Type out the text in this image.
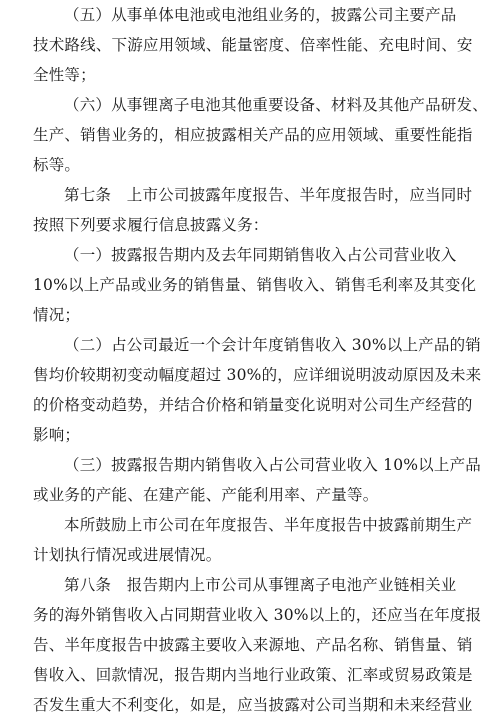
（五）从事单体电池或电池组业务的，披露公司主要产品
技术路线、下游应用领域、能量密度、倍率性能、充电时间、安
全性等；
（六）从事锂离子电池其他重要设备、材料及其他产品研发、
生产、销售业务的，相应披露相关产品的应用领域、重要性能指
标等。
第七条　上市公司披露年度报告、半年度报告时，应当同时
按照下列要求履行信息披露义务：
（一）披露报告期内及去年同期销售收入占公司营业收入
10%以上产品或业务的销售量、销售收入、销售毛利率及其变化
情况；
（二）占公司最近一个会计年度销售收入 30%以上产品的销
售均价较期初变动幅度超过 30%的，应详细说明波动原因及未来
的价格变动趋势，并结合价格和销量变化说明对公司生产经营的
影响；
（三）披露报告期内销售收入占公司营业收入 10%以上产品
或业务的产能、在建产能、产能利用率、产量等。
本所鼓励上市公司在年度报告、半年度报告中披露前期生产
计划执行情况或进展情况。
第八条　报告期内上市公司从事锂离子电池产业链相关业
务的海外销售收入占同期营业收入 30%以上的，还应当在年度报
告、半年度报告中披露主要收入来源地、产品名称、销售量、销
售收入、回款情况，报告期内当地行业政策、汇率或贸易政策是
否发生重大不利变化，如是，应当披露对公司当期和未来经营业
